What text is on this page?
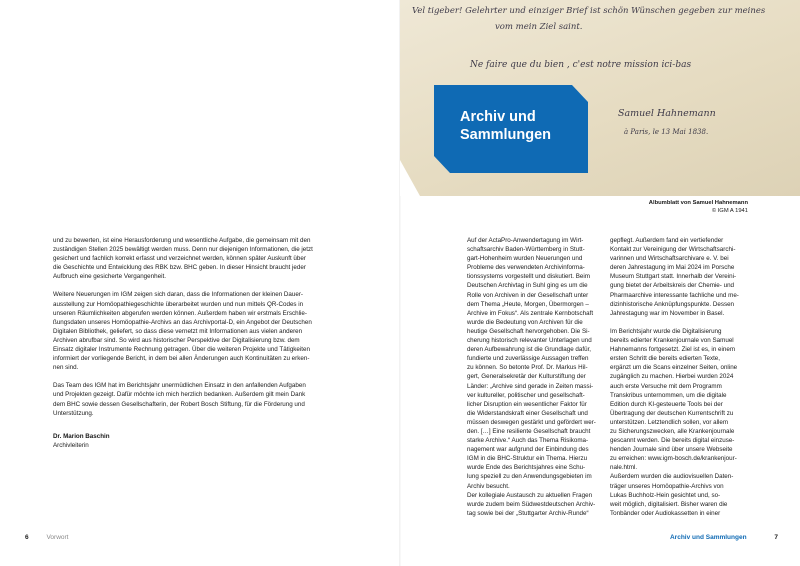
und zu bewerten, ist eine Herausforderung und wesentliche Aufgabe, die gemeinsam mit den
zuständigen Stellen 2025 bewältigt werden muss. Denn nur diejenigen Informationen, die jetzt
gesichert und fachlich korrekt erfasst und verzeichnet werden, können später Auskunft über
die Geschichte und Entwicklung des RBK bzw. BHC geben. In dieser Hinsicht braucht jeder
Aufbruch eine gesicherte Vergangenheit.

Weitere Neuerungen im IGM zeigen sich daran, dass die Informationen der kleinen Dauer-
ausstellung zur Homöopathiegeschichte überarbeitet wurden und nun mittels QR-Codes in
unseren Räumlichkeiten abgerufen werden können. Außerdem haben wir erstmals Erschlie-
ßungsdaten unseres Homöopathie-Archivs an das Archivportal-D, ein Angebot der Deutschen
Digitalen Bibliothek, geliefert, so dass diese vernetzt mit Informationen aus vielen anderen
Archiven abrufbar sind. So wird aus historischer Perspektive der Digitalisierung bzw. dem
Einsatz digitaler Instrumente Rechnung getragen. Über die weiteren Projekte und Tätigkeiten
informiert der vorliegende Bericht, in dem bei allen Änderungen auch Kontinuitäten zu erken-
nen sind.

Das Team des IGM hat im Berichtsjahr unermüdlichen Einsatz in den anfallenden Aufgaben
und Projekten gezeigt. Dafür möchte ich mich herzlich bedanken. Außerdem gilt mein Dank
dem BHC sowie dessen Gesellschafterin, der Robert Bosch Stiftung, für die Förderung und
Unterstützung.

Dr. Marion Baschin
Archivleiterin
6	Vorwort
Vel tigeber! Gelehrter und einziger Brief ist schön Wünschen gegeben zur meines
vom mein Ziel saint.
Ne faire que du bien , c'est notre mission ici-bas
Samuel Hahnemann
à Paris, le 13 Mai 1838.
Archiv und
Sammlungen
Albumblatt von Samuel Hahnemann
© IGM A 1941
Auf der ActaPro-Anwendertagung im Wirt-
schaftsarchiv Baden-Württemberg in Stutt-
gart-Hohenheim wurden Neuerungen und
Probleme des verwendeten Archivinforma-
tionssystems vorgestellt und diskutiert. Beim
Deutschen Archivtag in Suhl ging es um die
Rolle von Archiven in der Gesellschaft unter
dem Thema „Heute, Morgen, Übermorgen –
Archive im Fokus“. Als zentrale Kernbotschaft
wurde die Bedeutung von Archiven für die
heutige Gesellschaft hervorgehoben. Die Si-
cherung historisch relevanter Unterlagen und
deren Aufbewahrung ist die Grundlage dafür,
fundierte und zuverlässige Aussagen treffen
zu können. So betonte Prof. Dr. Markus Hil-
gert, Generalsekretär der Kulturstiftung der
Länder: „Archive sind gerade in Zeiten massi-
ver kultureller, politischer und gesellschaft-
licher Disruption ein wesentlicher Faktor für
die Widerstandskraft einer Gesellschaft und
müssen deswegen gestärkt und gefördert wer-
den. […] Eine resiliente Gesellschaft braucht
starke Archive.“ Auch das Thema Risikoma-
nagement war aufgrund der Einbindung des
IGM in die BHC-Struktur ein Thema. Hierzu
wurde Ende des Berichtsjahres eine Schu-
lung speziell zu den Anwendungsgebieten im
Archiv besucht.
Der kollegiale Austausch zu aktuellen Fragen
wurde zudem beim Südwestdeutschen Archiv-
tag sowie bei der „Stuttgarter Archiv-Runde“
gepflegt. Außerdem fand ein vertiefender
Kontakt zur Vereinigung der Wirtschaftsarchi-
varinnen und Wirtschaftsarchivare e. V. bei
deren Jahrestagung im Mai 2024 im Porsche
Museum Stuttgart statt. Innerhalb der Vereini-
gung bietet der Arbeitskreis der Chemie- und
Pharmaarchive interessante fachliche und me-
dizinhistorische Anknüpfungspunkte. Dessen
Jahrestagung war im November in Basel.

Im Berichtsjahr wurde die Digitalisierung
bereits edierter Krankenjournale von Samuel
Hahnemanns fortgesetzt. Ziel ist es, in einem
ersten Schritt die bereits edierten Texte,
ergänzt um die Scans einzelner Seiten, online
zugänglich zu machen. Hierbei wurden 2024
auch erste Versuche mit dem Programm
Transkribus unternommen, um die digitale
Edition durch KI-gesteuerte Tools bei der
Übertragung der deutschen Kurrentschrift zu
unterstützen. Letztendlich sollen, vor allem
zu Sicherungszwecken, alle Krankenjournale
gescannt werden. Die bereits digital einzuse-
henden Journale sind über unsere Webseite
zu erreichen: www.igm-bosch.de/krankenjour-
nale.html.
Außerdem wurden die audiovisuellen Daten-
träger unseres Homöopathie-Archivs von
Lukas Buchholz-Hein gesichtet und, so-
weit möglich, digitalisiert. Bisher waren die
Tonbänder oder Audiokassetten in einer
Archiv und Sammlungen	7
